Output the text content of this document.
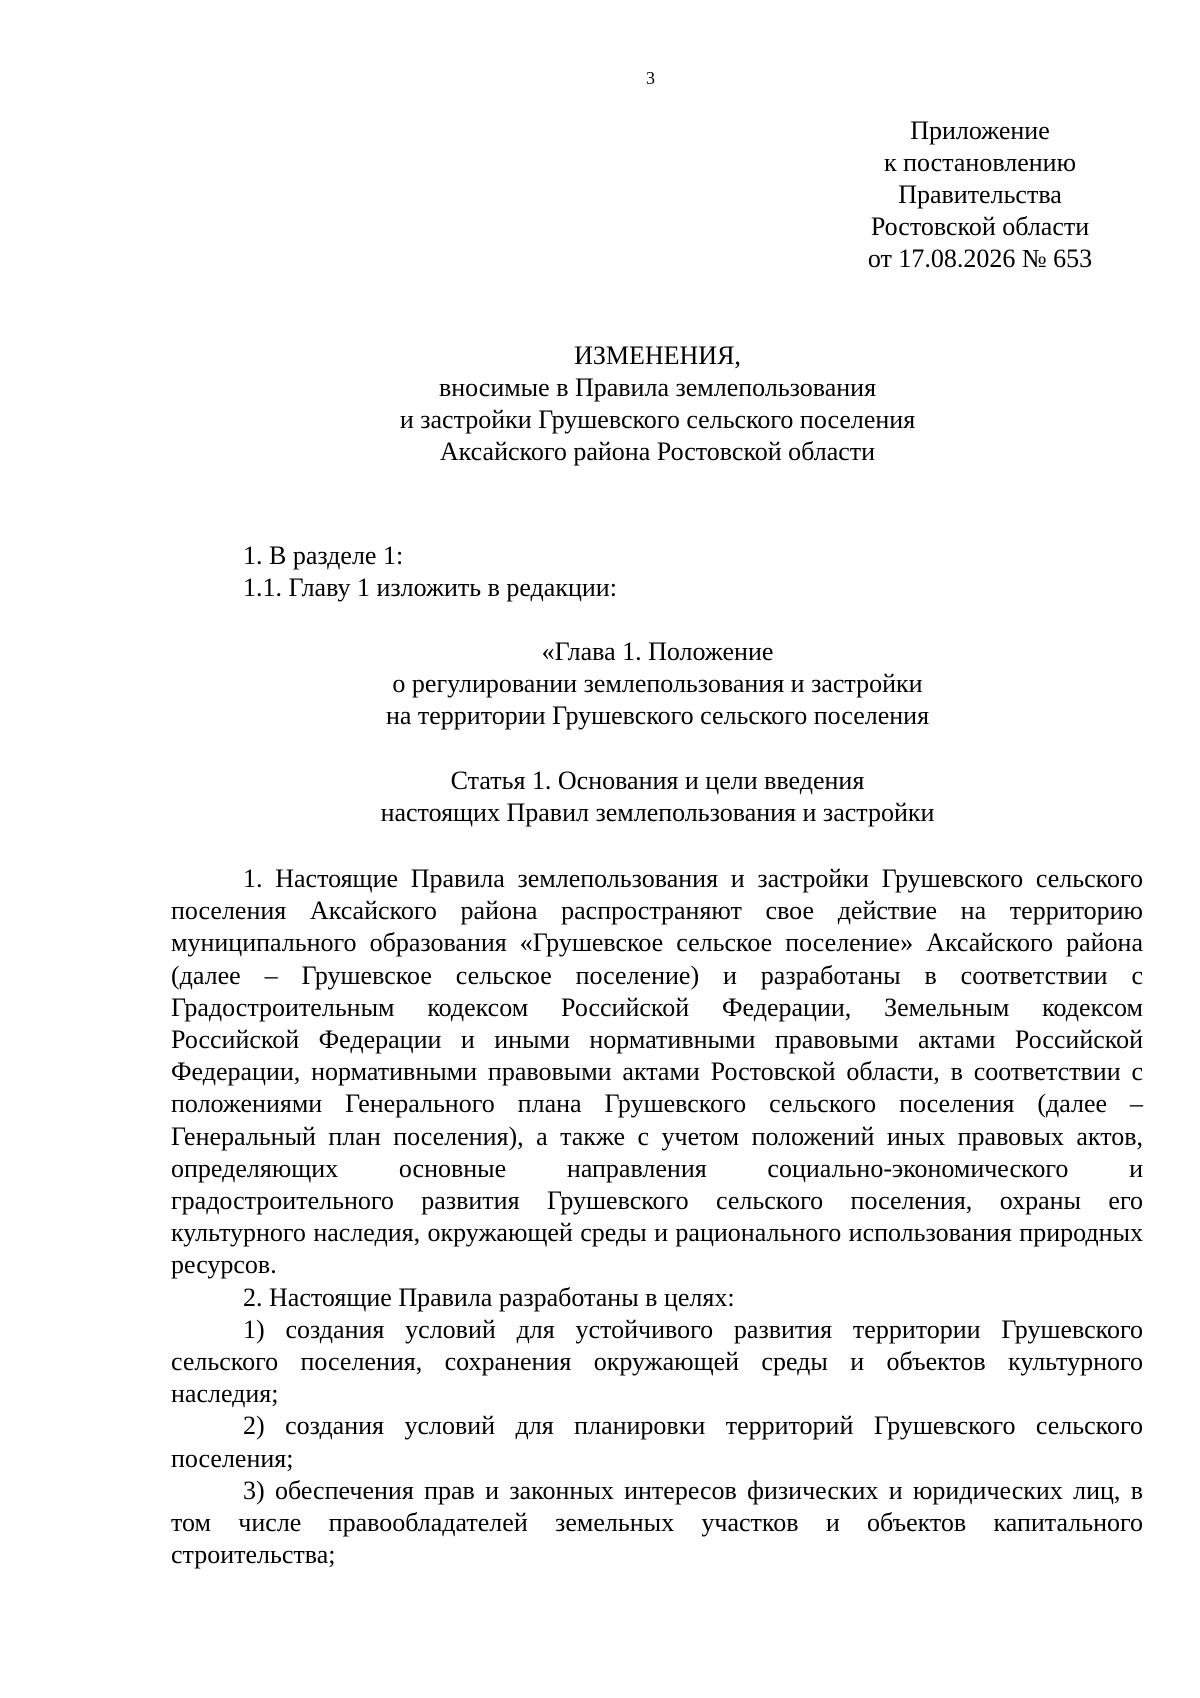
3
Приложение
к постановлению
Правительства
Ростовской области
от 17.08.2026 № 653
ИЗМЕНЕНИЯ,
вносимые в Правила землепользования
и застройки Грушевского сельского поселения
Аксайского района Ростовской области
1. В разделе 1:
1.1. Главу 1 изложить в редакции:
«Глава 1. Положение
о регулировании землепользования и застройки
на территории Грушевского сельского поселения
Статья 1. Основания и цели введения
настоящих Правил землепользования и застройки

1. Настоящие Правила землепользования и застройки Грушевского сельского поселения Аксайского района распространяют свое действие на территорию муниципального образования «Грушевское сельское поселение» Аксайского района (далее – Грушевское сельское поселение) и разработаны в соответствии с Градостроительным кодексом Российской Федерации, Земельным кодексом Российской Федерации и иными нормативными правовыми актами Российской Федерации, нормативными правовыми актами Ростовской области, в соответствии с положениями Генерального плана Грушевского сельского поселения (далее – Генеральный план поселения), а также с учетом положений иных правовых актов, определяющих основные направления социально-экономического и градостроительного развития Грушевского сельского поселения, охраны его культурного наследия, окружающей среды и рационального использования природных ресурсов.

2. Настоящие Правила разработаны в целях:

1) создания условий для устойчивого развития территории Грушевского сельского поселения, сохранения окружающей среды и объектов культурного наследия;

2) создания условий для планировки территорий Грушевского сельского поселения;

3) обеспечения прав и законных интересов физических и юридических лиц, в том числе правообладателей земельных участков и объектов капитального строительства;
